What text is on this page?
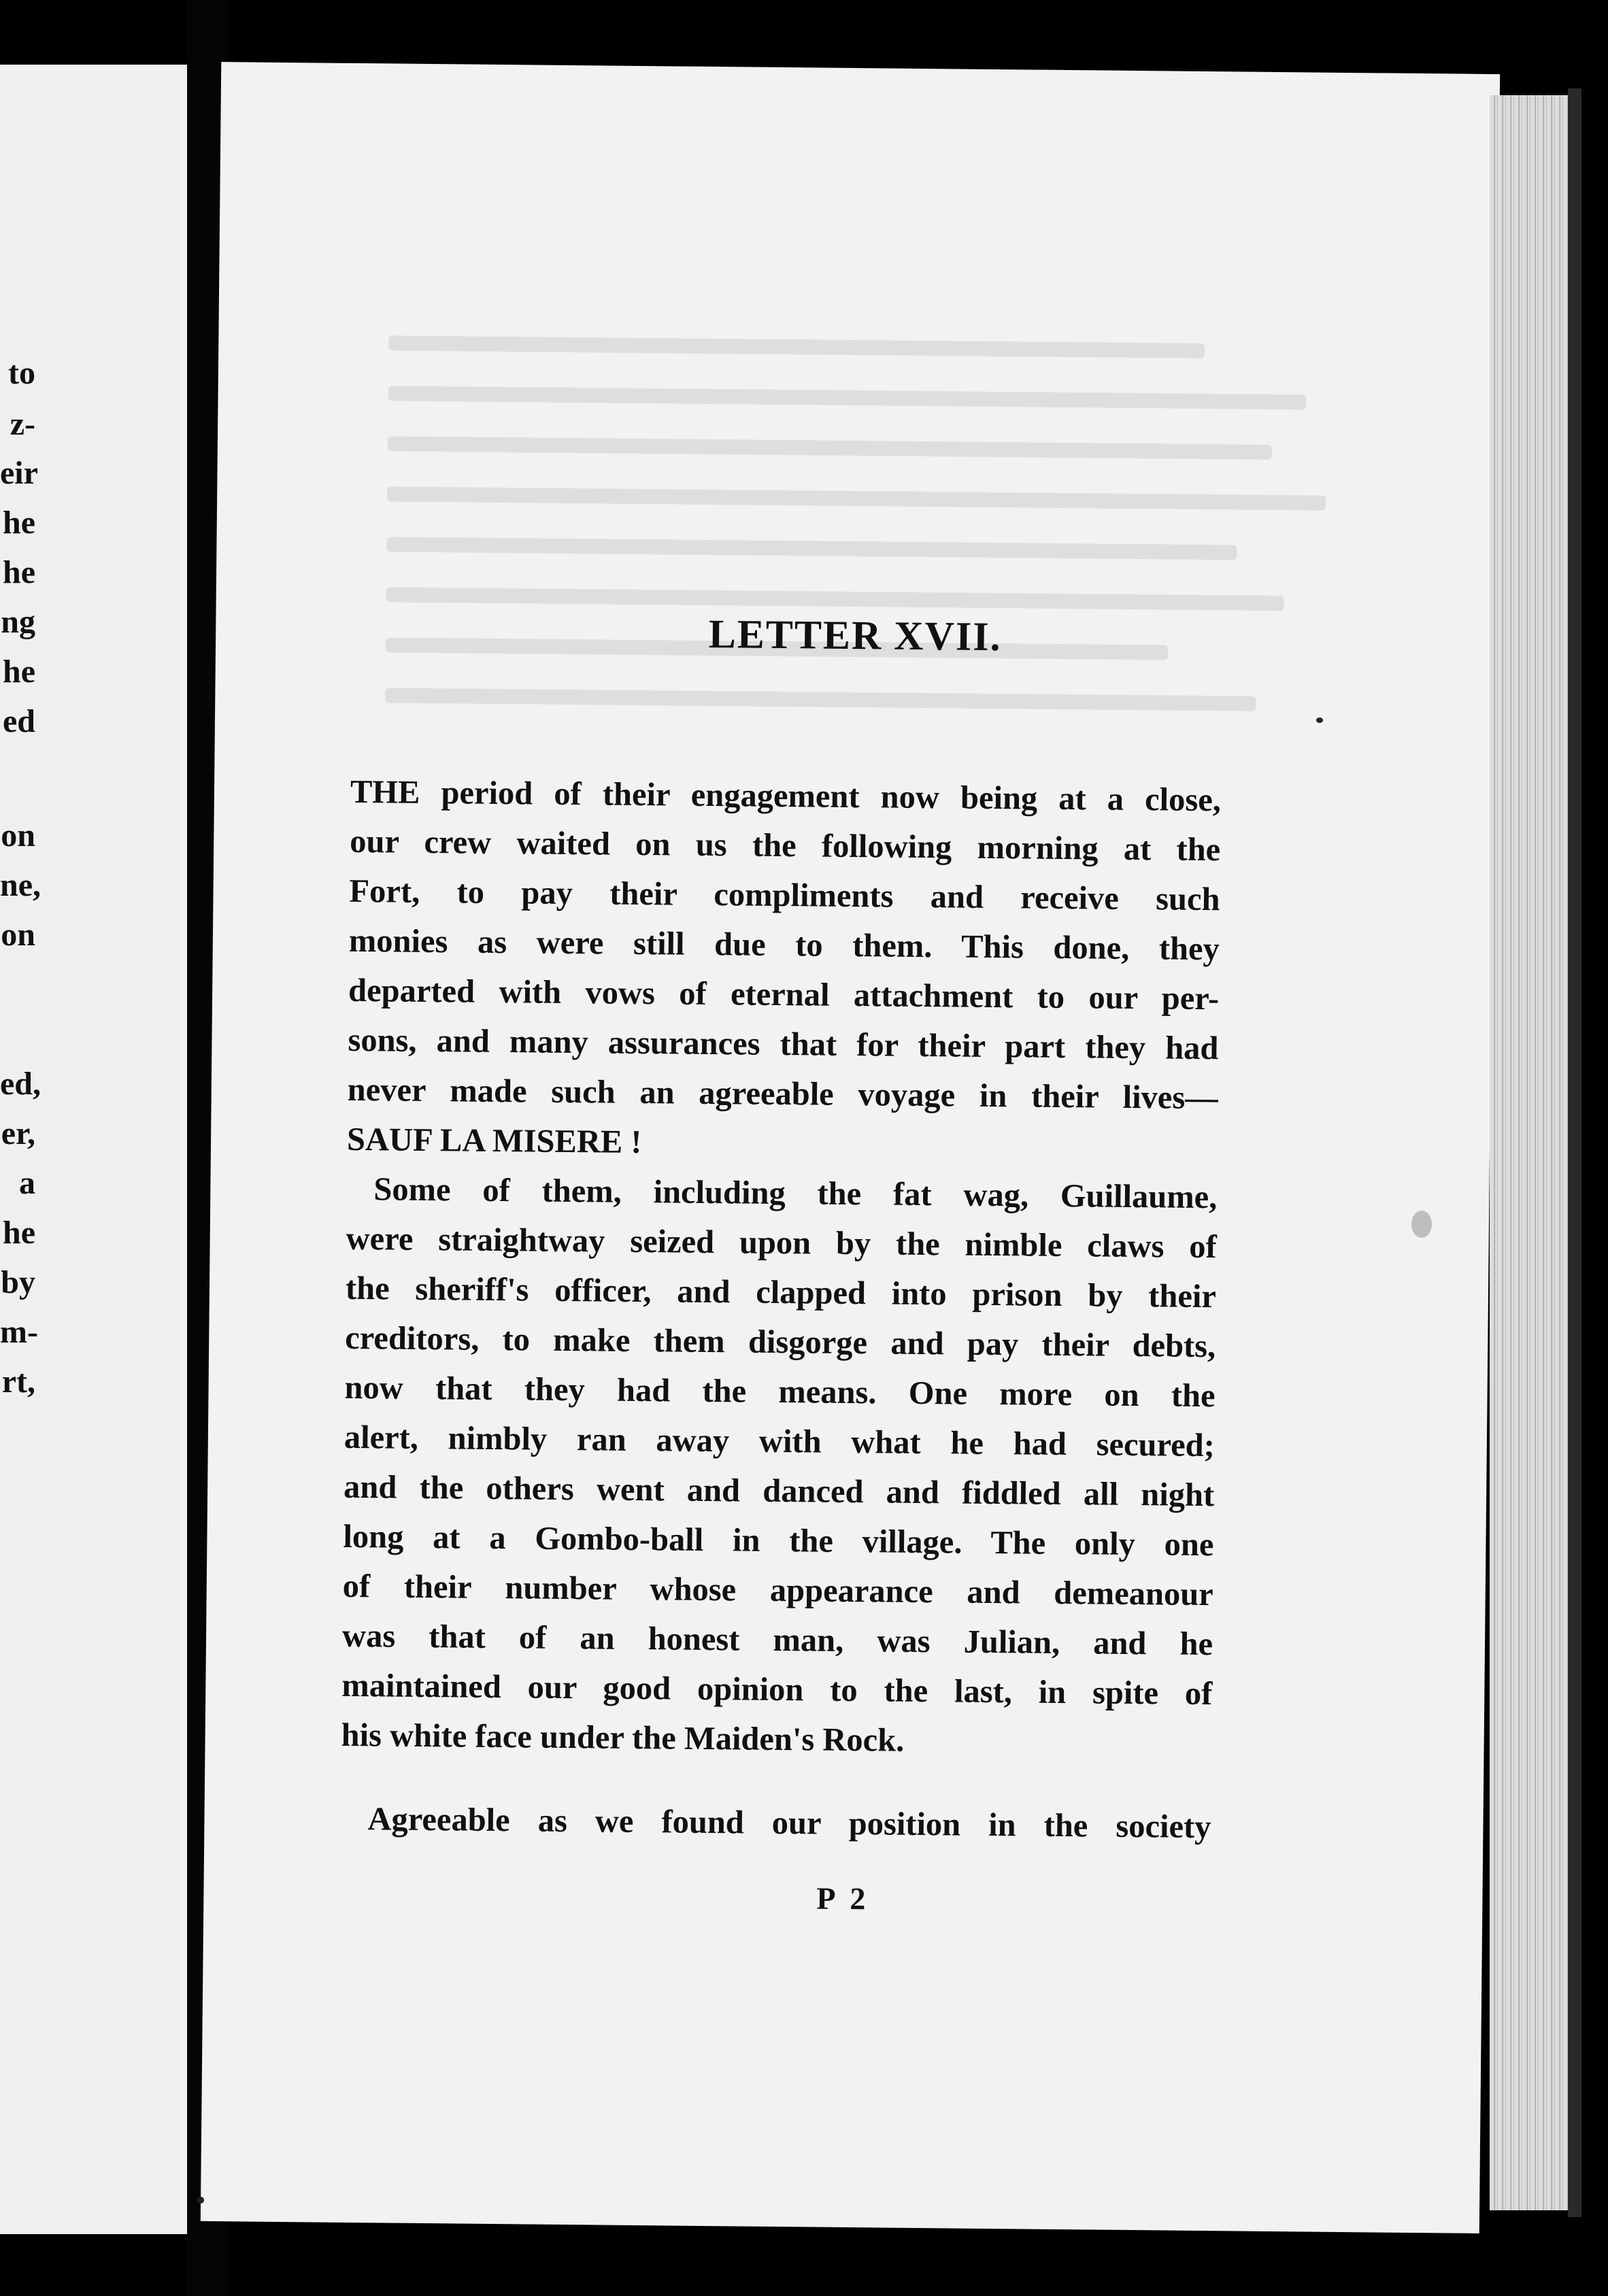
to
z-
eir
he
he
ng
he
ed
on
ne,
on
ed,
er,
a
he
by
m-
rt,
LETTER XVII.
THE period of their engagement now being at a close,
our crew waited on us the following morning at the
Fort, to pay their compliments and receive such
monies as were still due to them. This done, they
departed with vows of eternal attachment to our per-
sons, and many assurances that for their part they had
never made such an agreeable voyage in their lives—
SAUF LA MISERE !
Some of them, including the fat wag, Guillaume,
were straightway seized upon by the nimble claws of
the sheriff's officer, and clapped into prison by their
creditors, to make them disgorge and pay their debts,
now that they had the means. One more on the
alert, nimbly ran away with what he had secured;
and the others went and danced and fiddled all night
long at a Gombo-ball in the village. The only one
of their number whose appearance and demeanour
was that of an honest man, was Julian, and he
maintained our good opinion to the last, in spite of
his white face under the Maiden's Rock.
Agreeable as we found our position in the society
P 2
